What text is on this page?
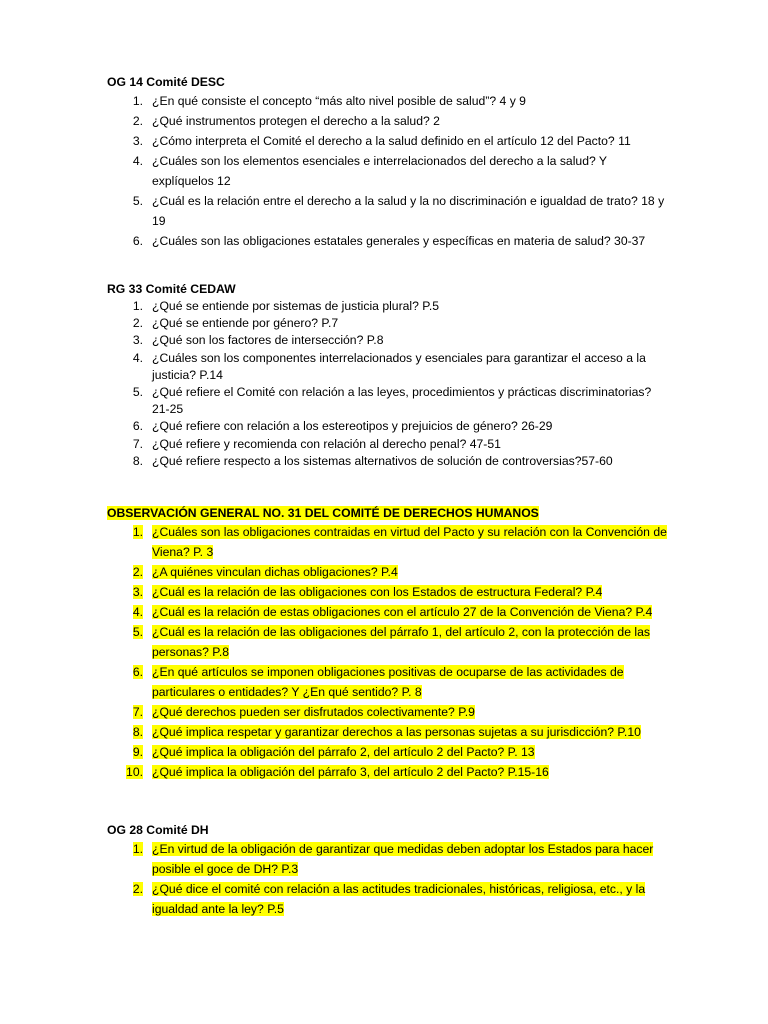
OG 14 Comité DESC
1. ¿En qué consiste el concepto “más alto nivel posible de salud”? 4 y 9
2. ¿Qué instrumentos protegen el derecho a la salud? 2
3. ¿Cómo interpreta el Comité el derecho a la salud definido en el artículo 12 del Pacto? 11
4. ¿Cuáles son los elementos esenciales e interrelacionados del derecho a la salud? Y explíquelos 12
5. ¿Cuál es la relación entre el derecho a la salud y la no discriminación e igualdad de trato? 18 y 19
6. ¿Cuáles son las obligaciones estatales generales y específicas en materia de salud? 30-37
RG 33 Comité CEDAW
1. ¿Qué se entiende por sistemas de justicia plural? P.5
2. ¿Qué se entiende por género? P.7
3. ¿Qué son los factores de intersección? P.8
4. ¿Cuáles son los componentes interrelacionados y esenciales para garantizar el acceso a la justicia? P.14
5. ¿Qué refiere el Comité con relación a las leyes, procedimientos y prácticas discriminatorias? 21-25
6. ¿Qué refiere con relación a los estereotipos y prejuicios de género? 26-29
7. ¿Qué refiere y recomienda con relación al derecho penal? 47-51
8. ¿Qué refiere respecto a los sistemas alternativos de solución de controversias?57-60
OBSERVACIÓN GENERAL NO. 31 DEL COMITÉ DE DERECHOS HUMANOS
1. ¿Cuáles son las obligaciones contraidas en virtud del Pacto y su relación con la Convención de Viena? P. 3
2. ¿A quiénes vinculan dichas obligaciones? P.4
3. ¿Cuál es la relación de las obligaciones con los Estados de estructura Federal? P.4
4. ¿Cuál es la relación de estas obligaciones con el artículo 27 de la Convención de Viena? P.4
5. ¿Cuál es la relación de las obligaciones del párrafo 1, del artículo 2, con la protección de las personas? P.8
6. ¿En qué artículos se imponen obligaciones positivas de ocuparse de las actividades de particulares o entidades? Y ¿En qué sentido? P. 8
7. ¿Qué derechos pueden ser disfrutados colectivamente? P.9
8. ¿Qué implica respetar y garantizar derechos a las personas sujetas a su jurisdicción? P.10
9. ¿Qué implica la obligación del párrafo 2, del artículo 2 del Pacto? P. 13
10. ¿Qué implica la obligación del párrafo 3, del artículo 2 del Pacto? P.15-16
OG 28 Comité DH
1. ¿En virtud de la obligación de garantizar que medidas deben adoptar los Estados para hacer posible el goce de DH? P.3
2. ¿Qué dice el comité con relación a las actitudes tradicionales, históricas, religiosa, etc., y la igualdad ante la ley? P.5
